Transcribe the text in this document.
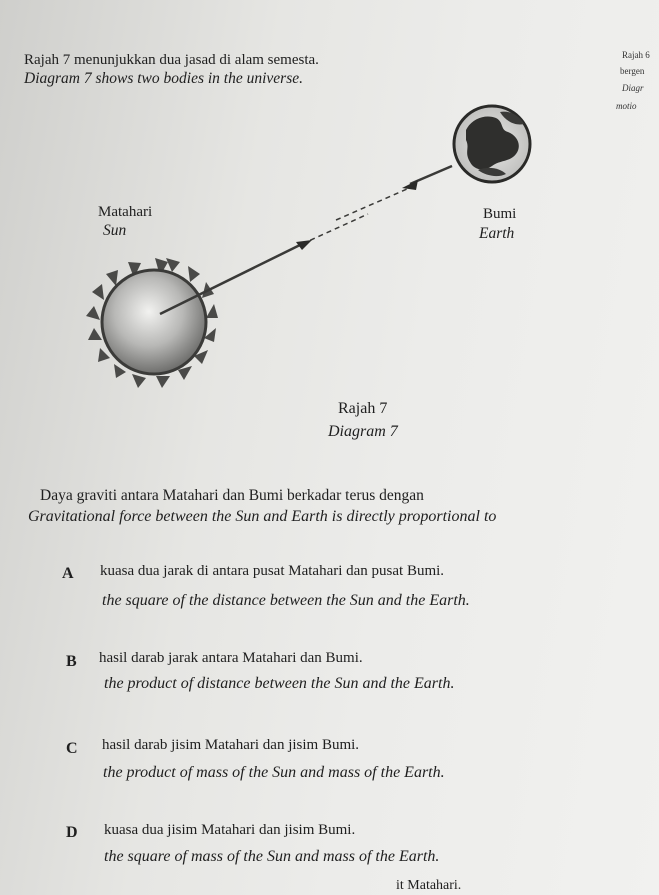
Rajah 6
bergen
Diagr
motio
Rajah 7 menunjukkan dua jasad di alam semesta.
Diagram 7 shows two bodies in the universe.
Matahari
Sun
Bumi
Earth
Rajah 7
Diagram 7
Daya graviti antara Matahari dan Bumi berkadar terus dengan
Gravitational force between the Sun and Earth is directly proportional to
A kuasa dua jarak di antara pusat Matahari dan pusat Bumi.
the square of the distance between the Sun and the Earth.
B hasil darab jarak antara Matahari dan Bumi.
the product of distance between the Sun and the Earth.
C hasil darab jisim Matahari dan jisim Bumi.
the product of mass of the Sun and mass of the Earth.
D kuasa dua jisim Matahari dan jisim Bumi.
the square of mass of the Sun and mass of the Earth.
it Matahari.
